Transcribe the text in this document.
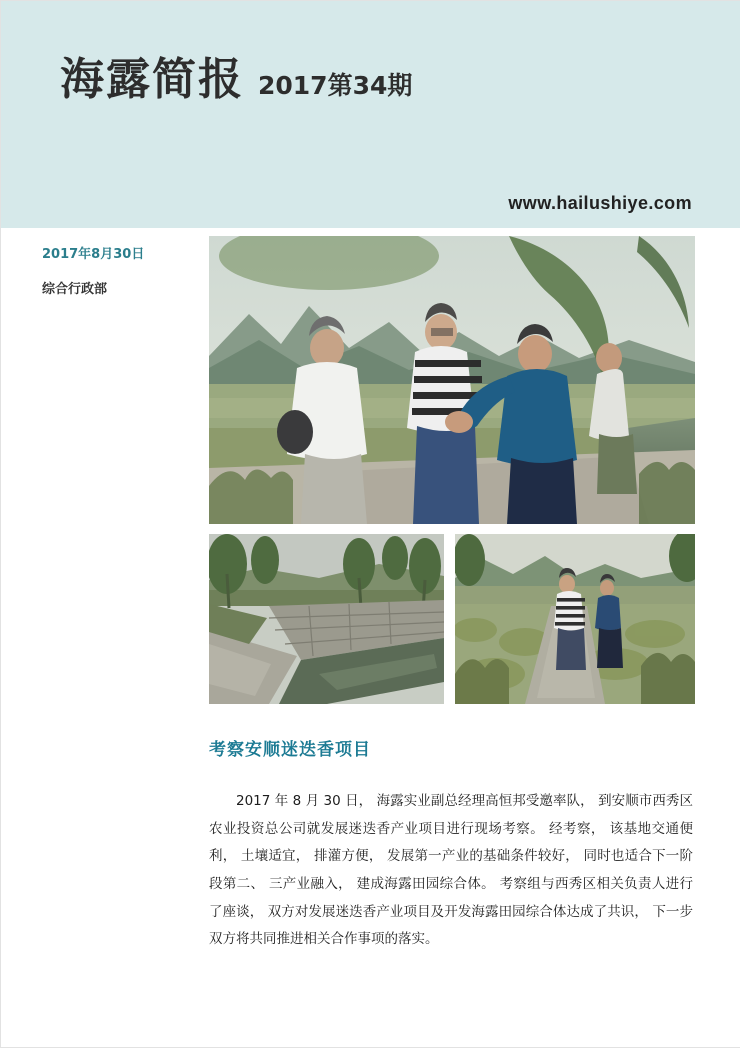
海露简报 2017第34期
www.hailushiye.com
2017年8月30日
综合行政部
考察安顺迷迭香项目
2017 年 8 月 30 日， 海露实业副总经理高恒邦受邀率队， 到安顺市西秀区农业投资总公司就发展迷迭香产业项目进行现场考察。 经考察， 该基地交通便利， 土壤适宜， 排灌方便， 发展第一产业的基础条件较好， 同时也适合下一阶段第二、 三产业融入， 建成海露田园综合体。 考察组与西秀区相关负责人进行了座谈， 双方对发展迷迭香产业项目及开发海露田园综合体达成了共识， 下一步双方将共同推进相关合作事项的落实。
